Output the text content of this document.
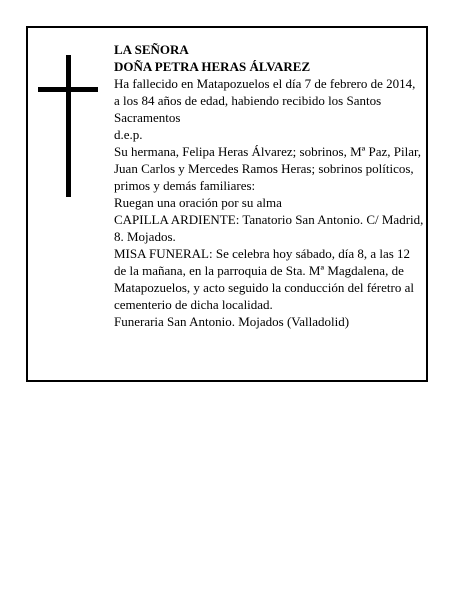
LA SEÑORA

DOÑA PETRA HERAS ÁLVAREZ

Ha fallecido en Matapozuelos el día 7 de febrero de 2014, a los 84 años de edad, habiendo recibido los Santos Sacramentos

d.e.p.

Su hermana, Felipa Heras Álvarez; sobrinos, Mª Paz, Pilar, Juan Carlos y Mercedes Ramos Heras; sobrinos políticos, primos y demás familiares:

Ruegan una oración por su alma

CAPILLA ARDIENTE: Tanatorio San Antonio. C/ Madrid, 8. Mojados.

MISA FUNERAL: Se celebra hoy sábado, día 8, a las 12 de la mañana, en la parroquia de Sta. Mª Magdalena, de Matapozuelos, y acto seguido la conducción del féretro al cementerio de dicha localidad.

Funeraria San Antonio. Mojados (Valladolid)
